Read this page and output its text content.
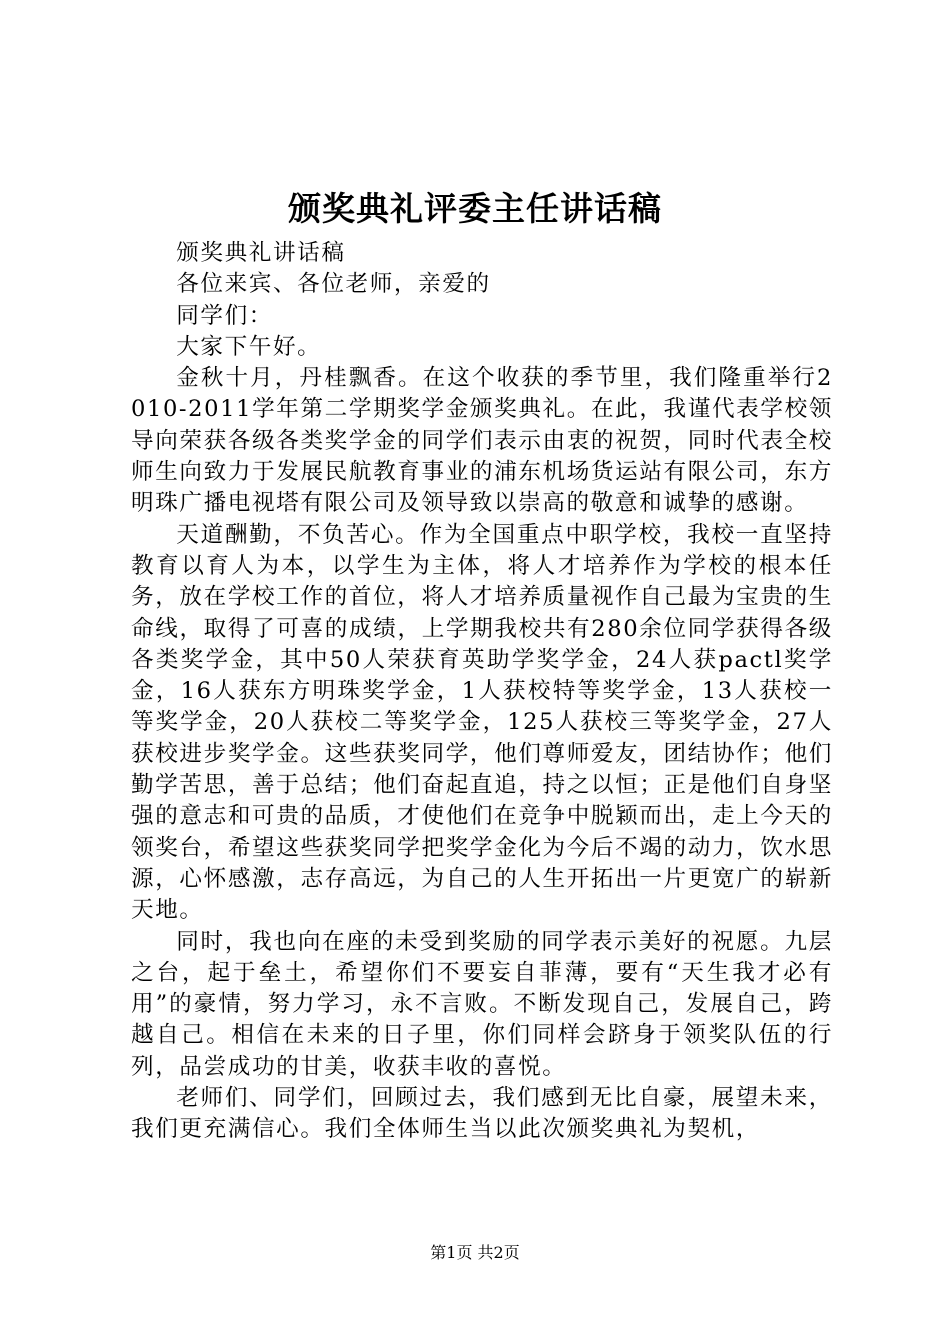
颁奖典礼评委主任讲话稿

颁奖典礼讲话稿

各位来宾、各位老师，亲爱的

同学们：

大家下午好。

金秋十月，丹桂飘香。在这个收获的季节里，我们隆重举行2010-2011学年第二学期奖学金颁奖典礼。在此，我谨代表学校领导向荣获各级各类奖学金的同学们表示由衷的祝贺，同时代表全校师生向致力于发展民航教育事业的浦东机场货运站有限公司，东方明珠广播电视塔有限公司及领导致以崇高的敬意和诚挚的感谢。

天道酬勤，不负苦心。作为全国重点中职学校，我校一直坚持教育以育人为本，以学生为主体，将人才培养作为学校的根本任务，放在学校工作的首位，将人才培养质量视作自己最为宝贵的生命线，取得了可喜的成绩，上学期我校共有280余位同学获得各级各类奖学金，其中50人荣获育英助学奖学金，24人获pactl奖学金，16人获东方明珠奖学金，1人获校特等奖学金，13人获校一等奖学金，20人获校二等奖学金，125人获校三等奖学金，27人获校进步奖学金。这些获奖同学，他们尊师爱友，团结协作；他们勤学苦思，善于总结；他们奋起直追，持之以恒；正是他们自身坚强的意志和可贵的品质，才使他们在竞争中脱颖而出，走上今天的领奖台，希望这些获奖同学把奖学金化为今后不竭的动力，饮水思源，心怀感激，志存高远，为自己的人生开拓出一片更宽广的崭新天地。

同时，我也向在座的未受到奖励的同学表示美好的祝愿。九层之台，起于垒土，希望你们不要妄自菲薄，要有“天生我才必有用”的豪情，努力学习，永不言败。不断发现自己，发展自己，跨越自己。相信在未来的日子里，你们同样会跻身于领奖队伍的行列，品尝成功的甘美，收获丰收的喜悦。

老师们、同学们，回顾过去，我们感到无比自豪，展望未来，我们更充满信心。我们全体师生当以此次颁奖典礼为契机，

第1页 共2页
